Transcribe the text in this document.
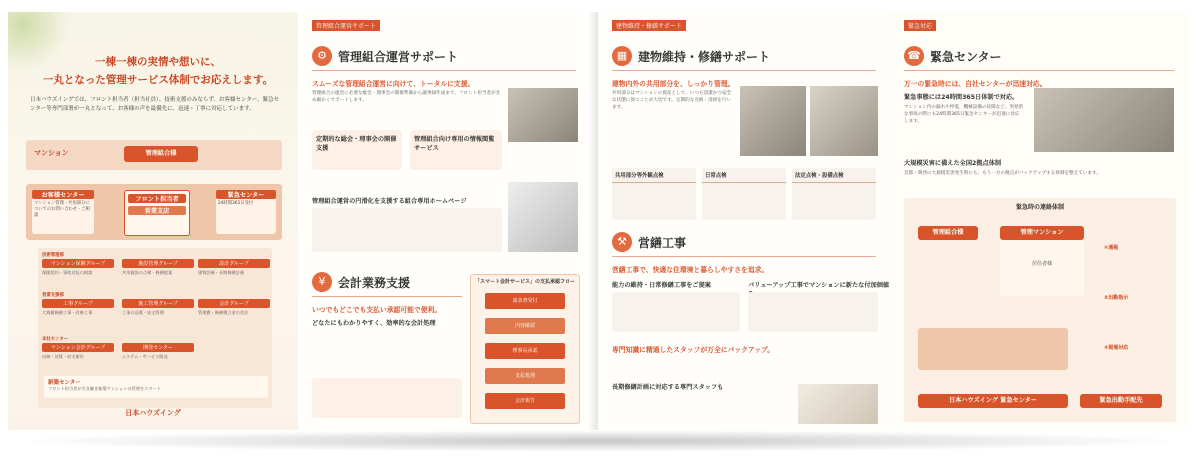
一棟一棟の実情や想いに、
一丸となった管理サービス体制でお応えします。
日本ハウズイングでは、フロント担当者（担当社員）、技術支援のみならず、お客様センター、緊急センター等専門部署が一丸となって、お客様の声を最優先に、迅速・丁寧に対応しています。
マンション	管理組合様
お客様センター
マンション管理・共用部分についてのお問い合わせ・ご相談
フロント担当者
営業支店
緊急センター
24時間365日受付
技術管理部
マンション保険グループ
保険契約・事故対応の相談
施設管理グループ
共用施設の点検・修繕提案
設計グループ
建物診断・長期修繕計画
営業支援部
工事グループ
大規模修繕工事・改修工事
施工管理グループ
工事の品質・安全管理
会計グループ
管理費・修繕積立金の会計
本社センター
マンション会計グループ
出納・決算・収支報告
開発センター
システム・サービス開発
新築センター
フロント担当者が引き継ぎ新築マンションの管理をスタート
日本ハウズイング
管理組合運営サポート
⚙ 管理組合運営サポート
スムーズな管理組合運営に向けて、トータルに支援。
管理組合の運営に必要な総会・理事会の開催準備から議事録作成まで、フロント担当者がきめ細かくサポートします。
定期的な総会・理事会の開催支援
管理組合向け専用の情報閲覧サービス
管理組合運営の円滑化を支援する組合専用ホームページ
¥	会計業務支援
いつでもどこでも支払い承認可能で便利。
どなたにもわかりやすく、効率的な会計処理
「スマート会計サービス」の支払承認フロー
請求書受付
内容確認
理事長承認
支払処理
会計報告
建物維持・修繕サポート
▦ 建物維持・修繕サポート
建物内外の共用部分を、しっかり管理。
共用部分はマンションの資産として、いつも清潔かつ安全な状態に保つことが大切です。定期的な点検・清掃を行います。
共用部分等外観点検	日常点検	法定点検・設備点検
⚒ 営繕工事
営繕工事で、快適な住環境と暮らしやすさを追求。
能力の維持・日常修繕工事をご提案	バリューアップ工事でマンションに新たな付加価値
専門知識に精通したスタッフが万全にバックアップ。
長期修繕計画に対応する専門スタッフも
緊急対応
☎ 緊急センター
万一の緊急時には、自社センターが迅速対応。
緊急事態には24時間365日体制で対応。
マンション内の漏水や停電、機械設備の故障など、突発的な事故の際にも24時間365日緊急センターが迅速に対応します。
大規模災害に備えた全国2拠点体制
首都・関西の大規模災害発生時にも、もう一方の拠点がバックアップする体制を整えています。
緊急時の連絡体制
管理組合様	管理マンション
居住者様
①通報
②出動指示
③現場対応
日本ハウズイング 緊急センター	緊急出動手配先
